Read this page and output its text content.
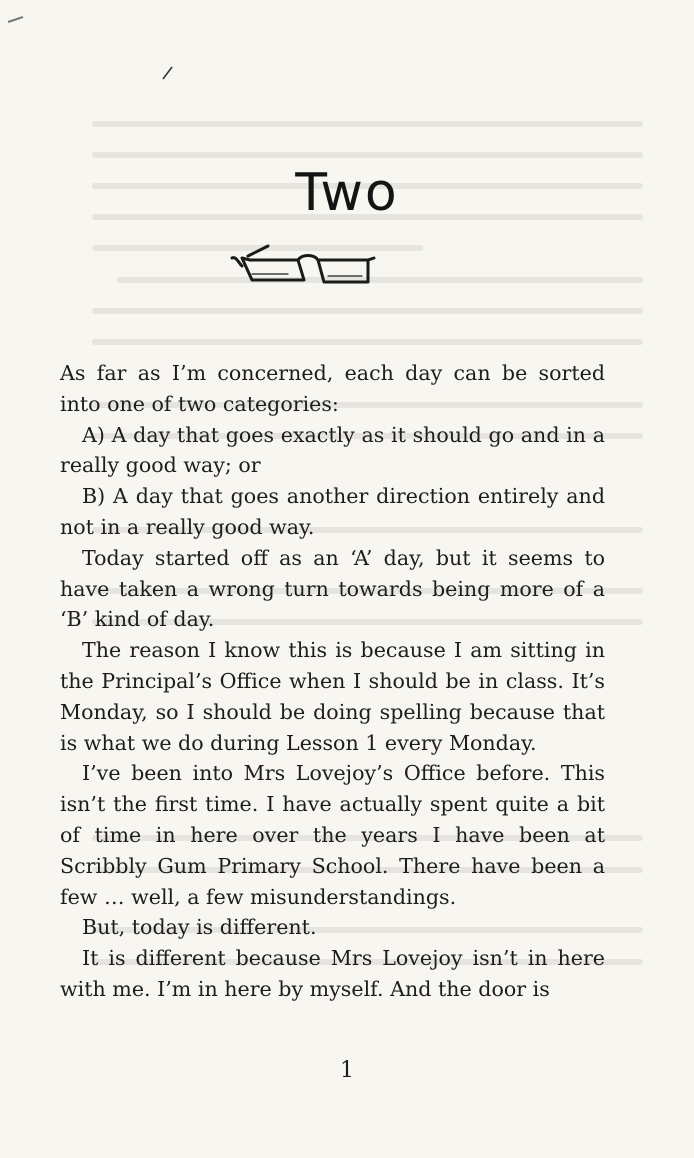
Two

As far as I’m concerned, each day can be sorted into one of two categories:

A) A day that goes exactly as it should go and in a really good way; or

B) A day that goes another direction entirely and not in a really good way.

Today started off as an ‘A’ day, but it seems to have taken a wrong turn towards being more of a ‘B’ kind of day.

The reason I know this is because I am sitting in the Principal’s Office when I should be in class. It’s Monday, so I should be doing spelling because that is what we do during Lesson 1 every Monday.

I’ve been into Mrs Lovejoy’s Office before. This isn’t the first time. I have actually spent quite a bit of time in here over the years I have been at Scribbly Gum Primary School. There have been a few … well, a few misunderstandings.

But, today is different.

It is different because Mrs Lovejoy isn’t in here with me. I’m in here by myself. And the door is

1
